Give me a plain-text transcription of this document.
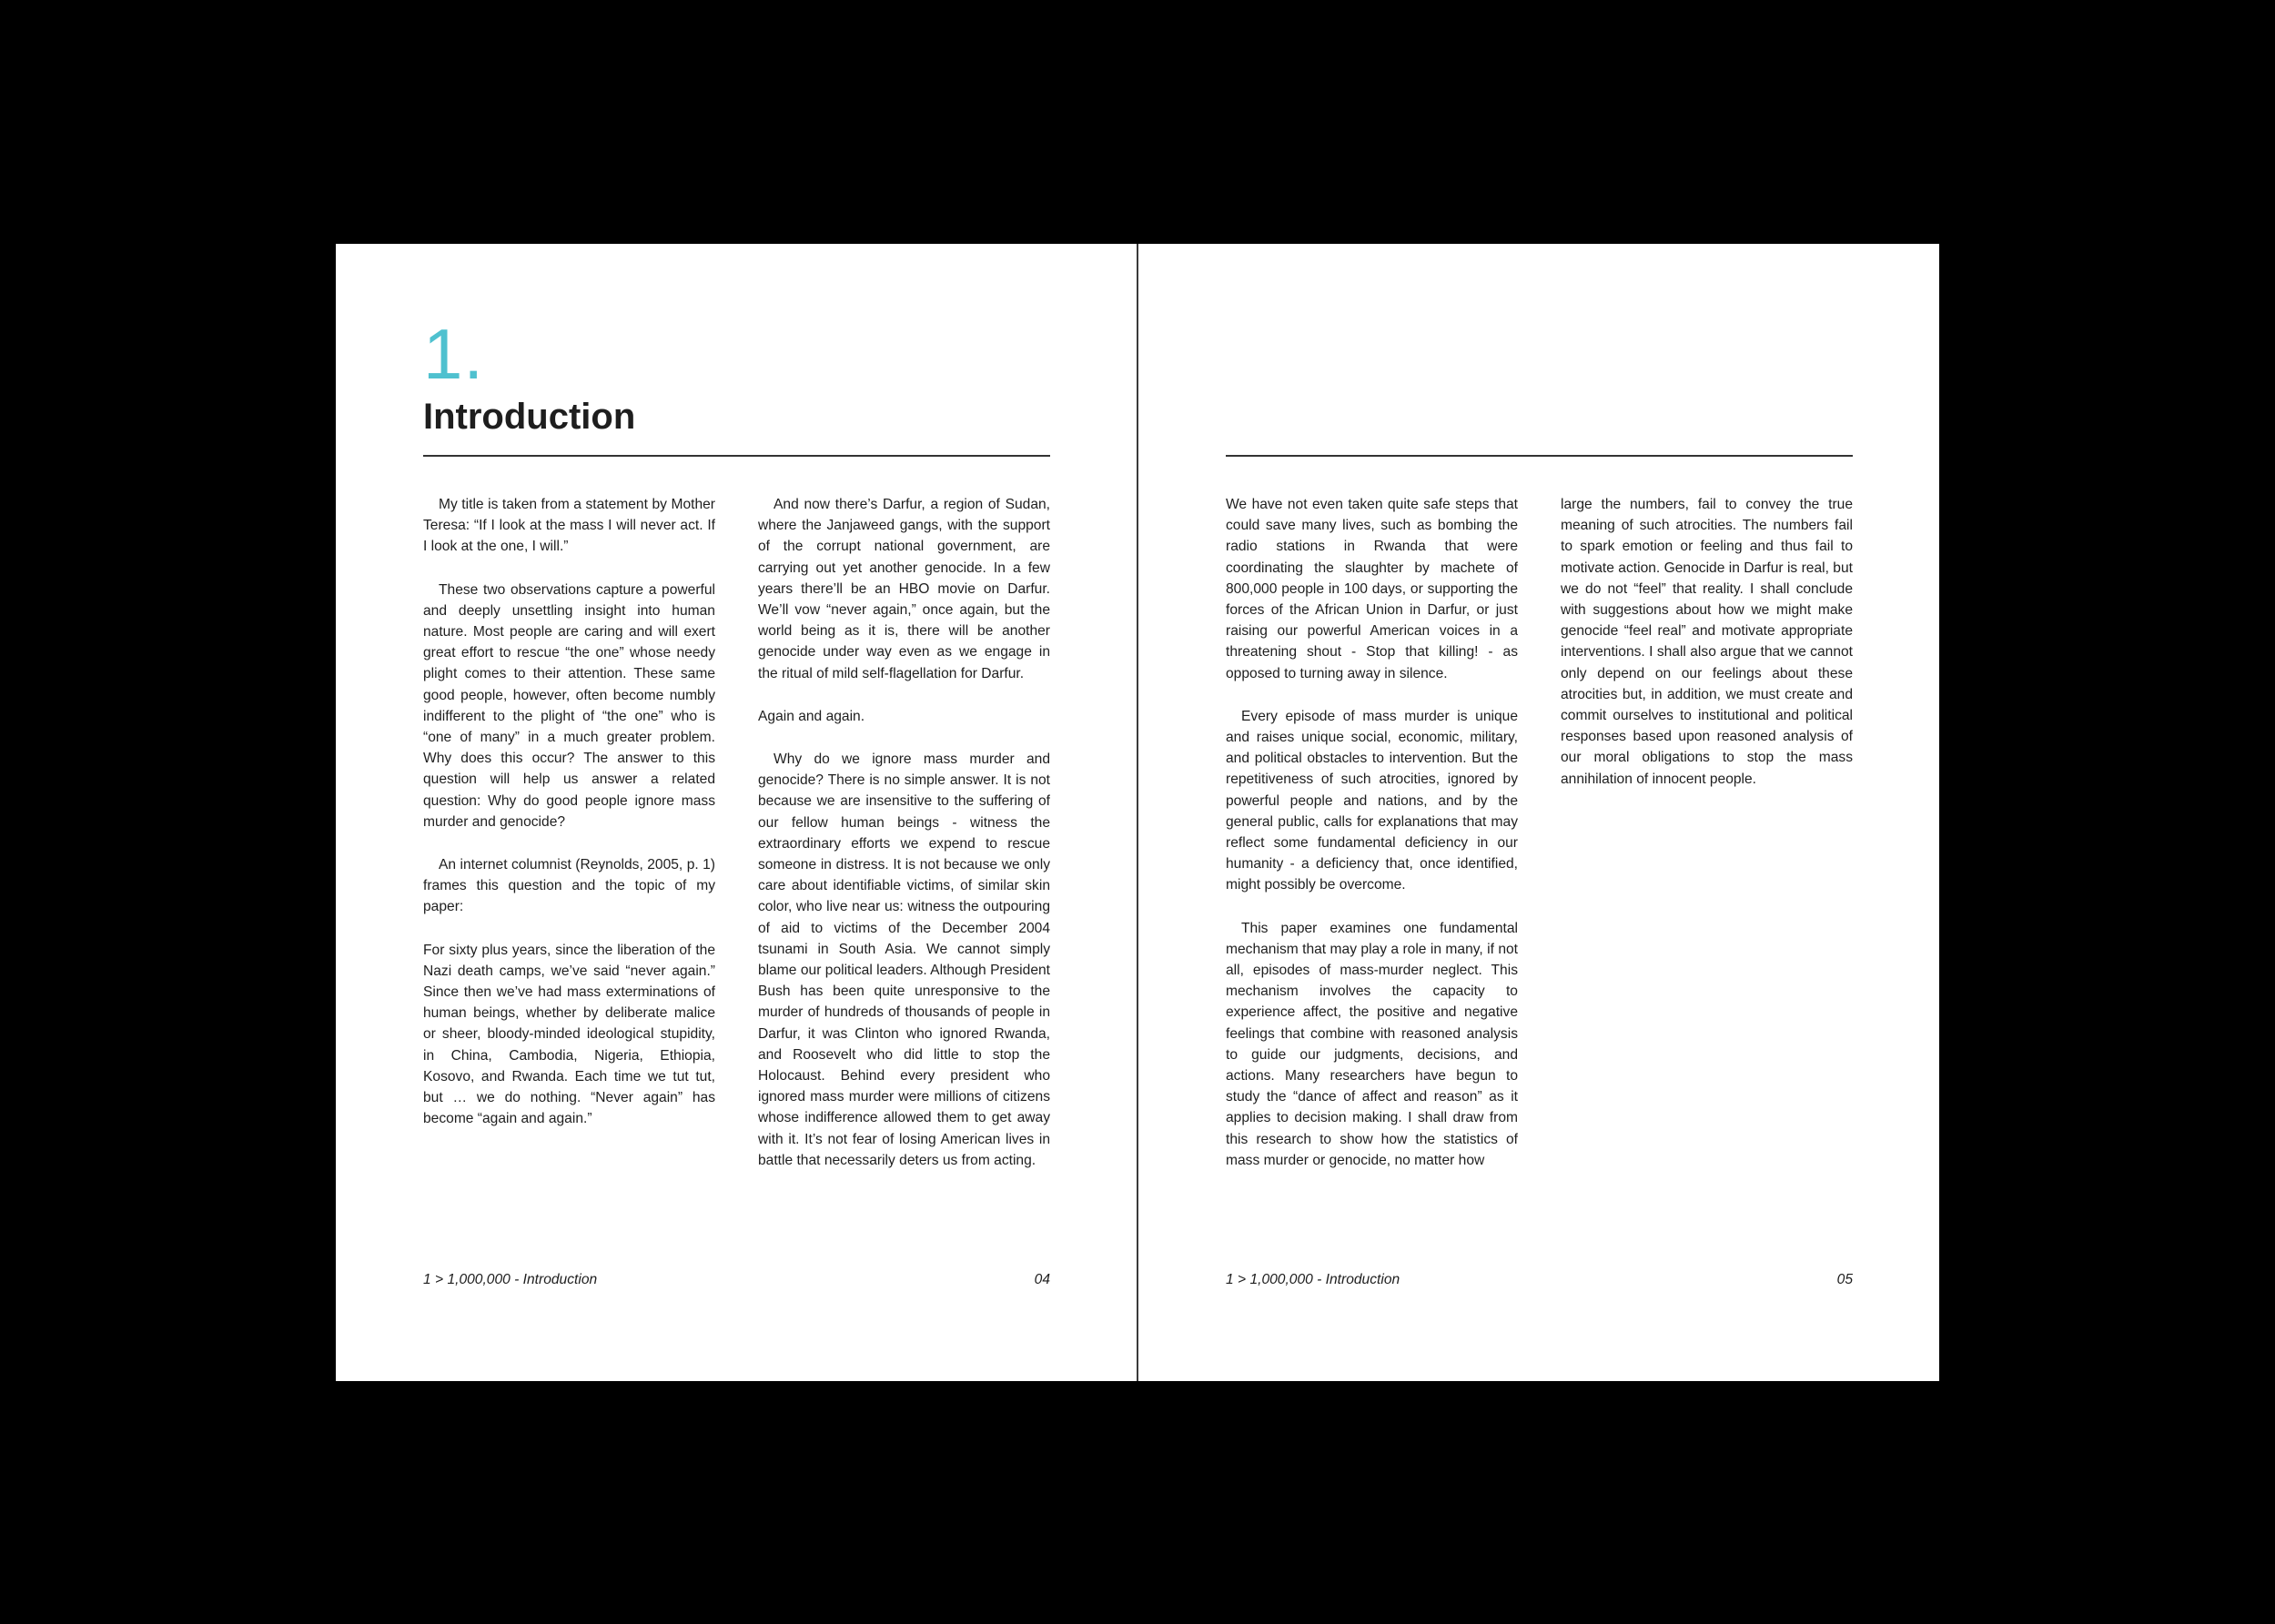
1.
Introduction

My title is taken from a statement by Mother Teresa: “If I look at the mass I will never act. If I look at the one, I will.”

These two observations capture a powerful and deeply unsettling insight into human nature. Most people are caring and will exert great effort to rescue “the one” whose needy plight comes to their attention. These same good people, however, often become numbly indifferent to the plight of “the one” who is “one of many” in a much greater problem. Why does this occur? The answer to this question will help us answer a related question: Why do good people ignore mass murder and genocide?

An internet columnist (Reynolds, 2005, p. 1) frames this question and the topic of my paper:

For sixty plus years, since the liberation of the Nazi death camps, we’ve said “never again.” Since then we’ve had mass exterminations of human beings, whether by deliberate malice or sheer, bloody-minded ideological stupidity, in China, Cambodia, Nigeria, Ethiopia, Kosovo, and Rwanda. Each time we tut tut, but … we do nothing. “Never again” has become “again and again.”

And now there’s Darfur, a region of Sudan, where the Janjaweed gangs, with the support of the corrupt national government, are carrying out yet another genocide. In a few years there’ll be an HBO movie on Darfur. We’ll vow “never again,” once again, but the world being as it is, there will be another genocide under way even as we engage in the ritual of mild self-flagellation for Darfur.

Again and again.

Why do we ignore mass murder and genocide? There is no simple answer. It is not because we are insensitive to the suffering of our fellow human beings - witness the extraordinary efforts we expend to rescue someone in distress. It is not because we only care about identifiable victims, of similar skin color, who live near us: witness the outpouring of aid to victims of the December 2004 tsunami in South Asia. We cannot simply blame our political leaders. Although President Bush has been quite unresponsive to the murder of hundreds of thousands of people in Darfur, it was Clinton who ignored Rwanda, and Roosevelt who did little to stop the Holocaust. Behind every president who ignored mass murder were millions of citizens whose indifference allowed them to get away with it. It’s not fear of losing American lives in battle that necessarily deters us from acting.

1 > 1,000,000 - Introduction	04

We have not even taken quite safe steps that could save many lives, such as bombing the radio stations in Rwanda that were coordinating the slaughter by machete of 800,000 people in 100 days, or supporting the forces of the African Union in Darfur, or just raising our powerful American voices in a threatening shout - Stop that killing! - as opposed to turning away in silence.

Every episode of mass murder is unique and raises unique social, economic, military, and political obstacles to intervention. But the repetitiveness of such atrocities, ignored by powerful people and nations, and by the general public, calls for explanations that may reflect some fundamental deficiency in our humanity - a deficiency that, once identified, might possibly be overcome.

This paper examines one fundamental mechanism that may play a role in many, if not all, episodes of mass-murder neglect. This mechanism involves the capacity to experience affect, the positive and negative feelings that combine with reasoned analysis to guide our judgments, decisions, and actions. Many researchers have begun to study the “dance of affect and reason” as it applies to decision making. I shall draw from this research to show how the statistics of mass murder or genocide, no matter how

large the numbers, fail to convey the true meaning of such atrocities. The numbers fail to spark emotion or feeling and thus fail to motivate action. Genocide in Darfur is real, but we do not “feel” that reality. I shall conclude with suggestions about how we might make genocide “feel real” and motivate appropriate interventions. I shall also argue that we cannot only depend on our feelings about these atrocities but, in addition, we must create and commit ourselves to institutional and political responses based upon reasoned analysis of our moral obligations to stop the mass annihilation of innocent people.

1 > 1,000,000 - Introduction	05
